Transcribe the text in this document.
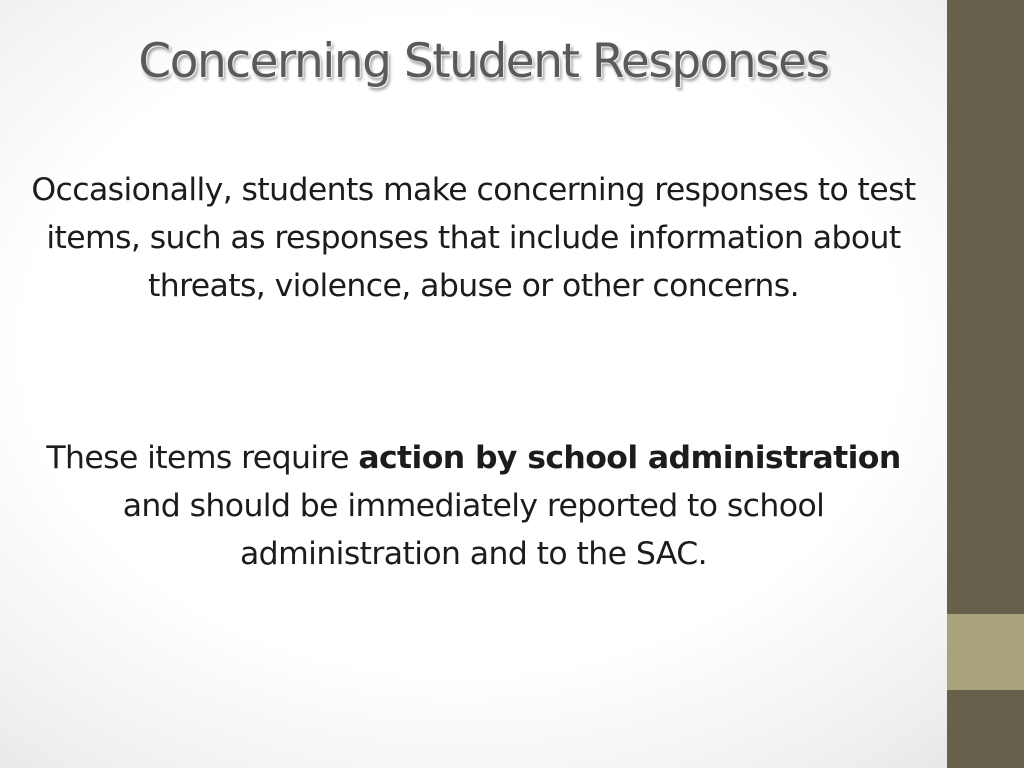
Concerning Student Responses

Occasionally, students make concerning responses to test items, such as responses that include information about threats, violence, abuse or other concerns.

These items require action by school administration and should be immediately reported to school administration and to the SAC.
